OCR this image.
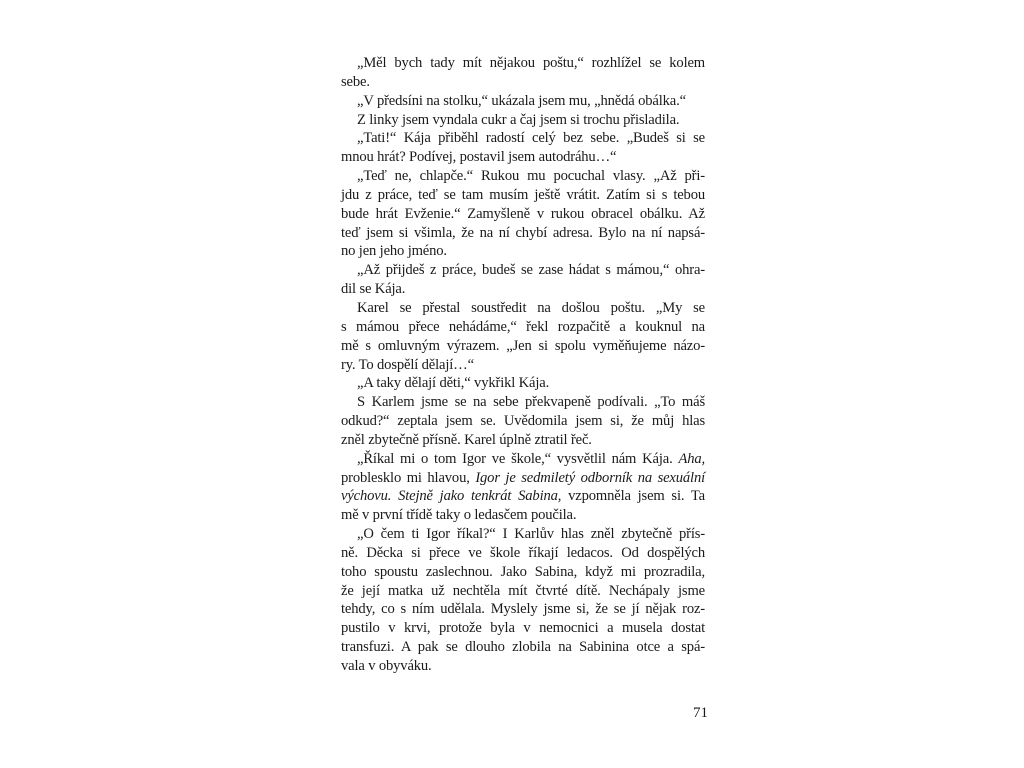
„Měl bych tady mít nějakou poštu,“ rozhlížel se kolem
sebe.
„V předsíni na stolku,“ ukázala jsem mu, „hnědá obálka.“
Z linky jsem vyndala cukr a čaj jsem si trochu přisladila.
„Tati!“ Kája přiběhl radostí celý bez sebe. „Budeš si se
mnou hrát? Podívej, postavil jsem autodráhu…“
„Teď ne, chlapče.“ Rukou mu pocuchal vlasy. „Až při-
jdu z práce, teď se tam musím ještě vrátit. Zatím si s tebou
bude hrát Evženie.“ Zamyšleně v rukou obracel obálku. Až
teď jsem si všimla, že na ní chybí adresa. Bylo na ní napsá-
no jen jeho jméno.
„Až přijdeš z práce, budeš se zase hádat s mámou,“ ohra-
dil se Kája.
Karel se přestal soustředit na došlou poštu. „My se
s mámou přece nehádáme,“ řekl rozpačitě a kouknul na
mě s omluvným výrazem. „Jen si spolu vyměňujeme názo-
ry. To dospělí dělají…“
„A taky dělají děti,“ vykřikl Kája.
S Karlem jsme se na sebe překvapeně podívali. „To máš
odkud?“ zeptala jsem se. Uvědomila jsem si, že můj hlas
zněl zbytečně přísně. Karel úplně ztratil řeč.
„Říkal mi o tom Igor ve škole,“ vysvětlil nám Kája. Aha,
problesklo mi hlavou, Igor je sedmiletý odborník na sexuální
výchovu. Stejně jako tenkrát Sabina, vzpomněla jsem si. Ta
mě v první třídě taky o ledasčem poučila.
„O čem ti Igor říkal?“ I Karlův hlas zněl zbytečně přís-
ně. Děcka si přece ve škole říkají ledacos. Od dospělých
toho spoustu zaslechnou. Jako Sabina, když mi prozradila,
že její matka už nechtěla mít čtvrté dítě. Nechápaly jsme
tehdy, co s ním udělala. Myslely jsme si, že se jí nějak roz-
pustilo v krvi, protože byla v nemocnici a musela dostat
transfuzi. A pak se dlouho zlobila na Sabinina otce a spá-
vala v obyváku.
71
